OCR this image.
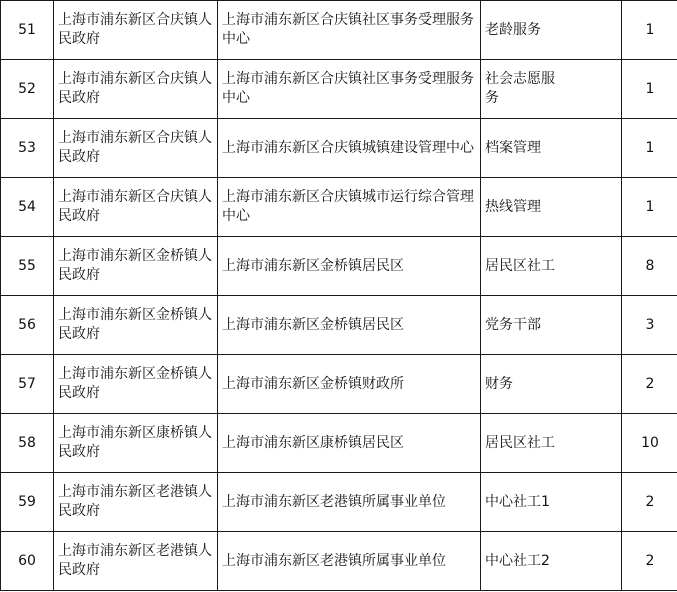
51	上海市浦东新区合庆镇人民政府	上海市浦东新区合庆镇社区事务受理服务中心	老龄服务	1

52	上海市浦东新区合庆镇人民政府	上海市浦东新区合庆镇社区事务受理服务中心	社会志愿服务	1

53	上海市浦东新区合庆镇人民政府	上海市浦东新区合庆镇城镇建设管理中心	档案管理	1

54	上海市浦东新区合庆镇人民政府	上海市浦东新区合庆镇城市运行综合管理中心	热线管理	1

55	上海市浦东新区金桥镇人民政府	上海市浦东新区金桥镇居民区	居民区社工	8

56	上海市浦东新区金桥镇人民政府	上海市浦东新区金桥镇居民区	党务干部	3

57	上海市浦东新区金桥镇人民政府	上海市浦东新区金桥镇财政所	财务	2

58	上海市浦东新区康桥镇人民政府	上海市浦东新区康桥镇居民区	居民区社工	10

59	上海市浦东新区老港镇人民政府	上海市浦东新区老港镇所属事业单位	中心社工1	2

60	上海市浦东新区老港镇人民政府	上海市浦东新区老港镇所属事业单位	中心社工2	2
